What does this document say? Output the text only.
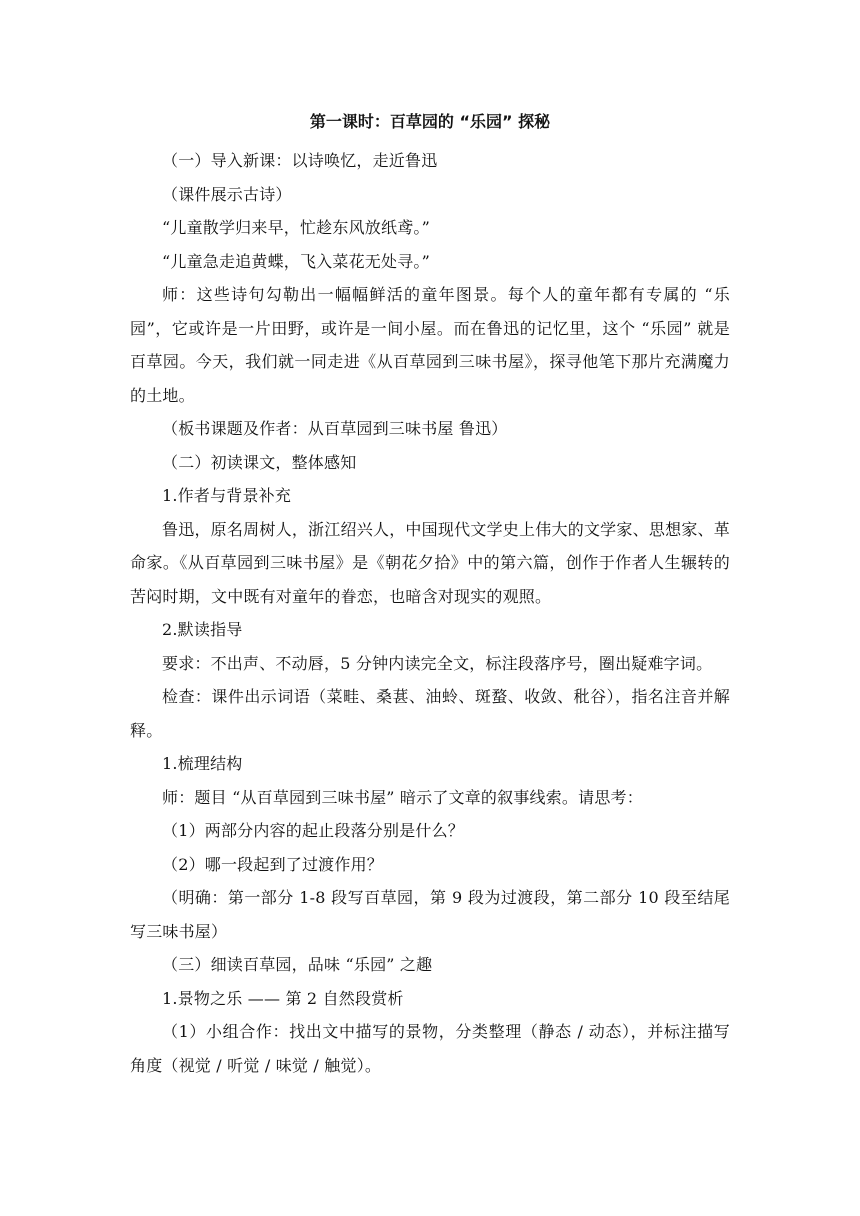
第一课时：百草园的 “乐园” 探秘

（一）导入新课：以诗唤忆，走近鲁迅

（课件展示古诗）

“儿童散学归来早，忙趁东风放纸鸢。”

“儿童急走追黄蝶，飞入菜花无处寻。”

师：这些诗句勾勒出一幅幅鲜活的童年图景。每个人的童年都有专属的 “乐园”，它或许是一片田野，或许是一间小屋。而在鲁迅的记忆里，这个 “乐园” 就是百草园。今天，我们就一同走进《从百草园到三味书屋》，探寻他笔下那片充满魔力的土地。

（板书课题及作者：从百草园到三味书屋 鲁迅）

（二）初读课文，整体感知

1.作者与背景补充

鲁迅，原名周树人，浙江绍兴人，中国现代文学史上伟大的文学家、思想家、革命家。《从百草园到三味书屋》是《朝花夕拾》中的第六篇，创作于作者人生辗转的苦闷时期，文中既有对童年的眷恋，也暗含对现实的观照。

2.默读指导

要求：不出声、不动唇，5 分钟内读完全文，标注段落序号，圈出疑难字词。

检查：课件出示词语（菜畦、桑葚、油蛉、斑蝥、收敛、秕谷），指名注音并解释。

1.梳理结构

师：题目 “从百草园到三味书屋” 暗示了文章的叙事线索。请思考：

（1）两部分内容的起止段落分别是什么？

（2）哪一段起到了过渡作用？

（明确：第一部分 1-8 段写百草园，第 9 段为过渡段，第二部分 10 段至结尾写三味书屋）

（三）细读百草园，品味 “乐园” 之趣

1.景物之乐 —— 第 2 自然段赏析

（1）小组合作：找出文中描写的景物，分类整理（静态 / 动态），并标注描写角度（视觉 / 听觉 / 味觉 / 触觉）。
